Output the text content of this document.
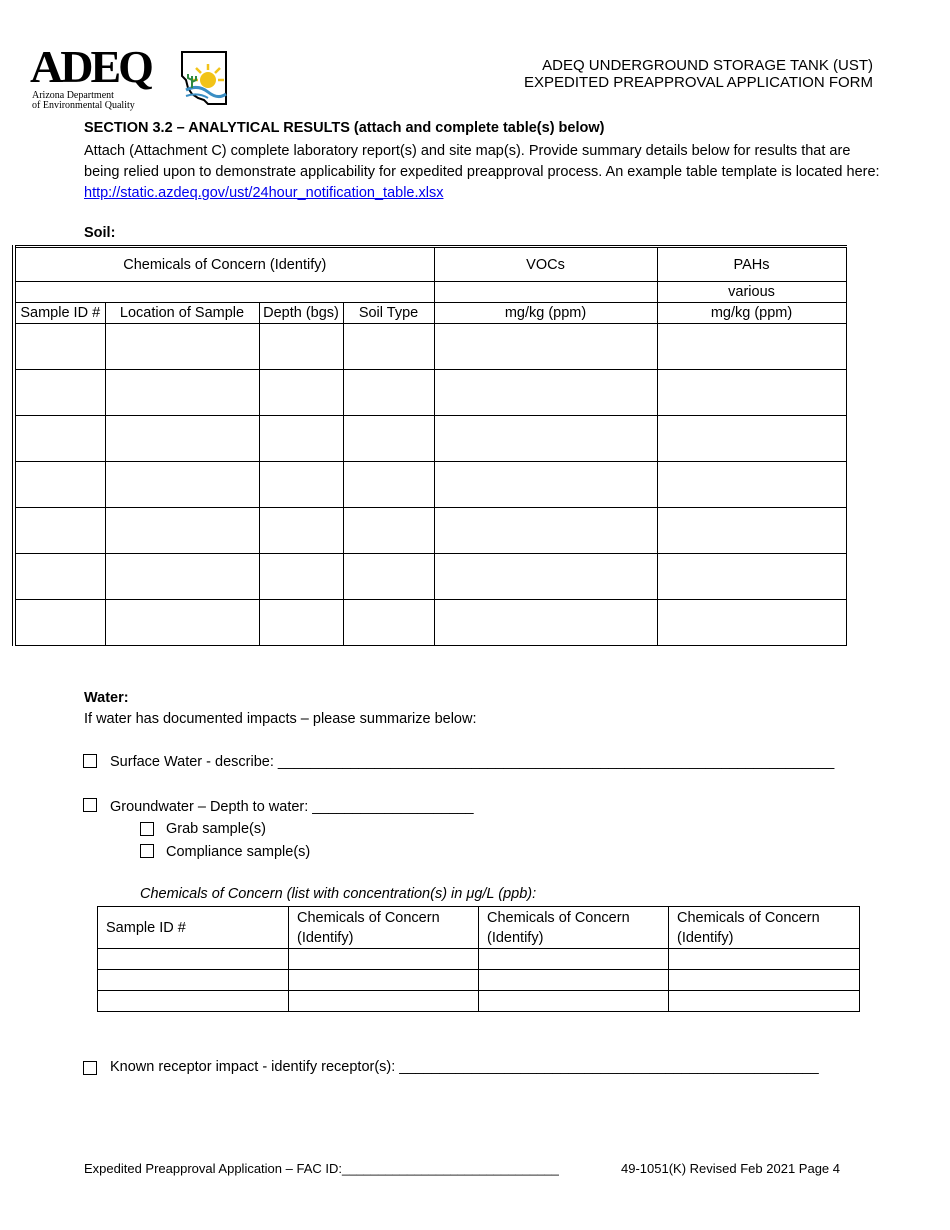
ADEQ
Arizona Department
of Environmental Quality
ADEQ UNDERGROUND STORAGE TANK (UST)
EXPEDITED PREAPPROVAL APPLICATION FORM
SECTION 3.2 – ANALYTICAL RESULTS (attach and complete table(s) below)
Attach (Attachment C) complete laboratory report(s) and site map(s). Provide summary details below for results that are being relied upon to demonstrate applicability for expedited preapproval process. An example table template is located here: http://static.azdeq.gov/ust/24hour_notification_table.xlsx
Soil:
Chemicals of Concern (Identify)				VOCs	PAHs
					various
Sample ID #	Location of Sample	Depth (bgs)	Soil Type	mg/kg (ppm)	mg/kg (ppm)

Water:
If water has documented impacts – please summarize below:
Surface Water - describe: _____________________________________________________________________
Groundwater – Depth to water: ____________________
Grab sample(s)
Compliance sample(s)
Chemicals of Concern (list with concentration(s) in μg/L (ppb):
Sample ID #	Chemicals of Concern (Identify)	Chemicals of Concern (Identify)	Chemicals of Concern (Identify)

Known receptor impact - identify receptor(s): ____________________________________________________
Expedited Preapproval Application – FAC ID:______________________________	49-1051(K) Revised Feb 2021 Page 4
